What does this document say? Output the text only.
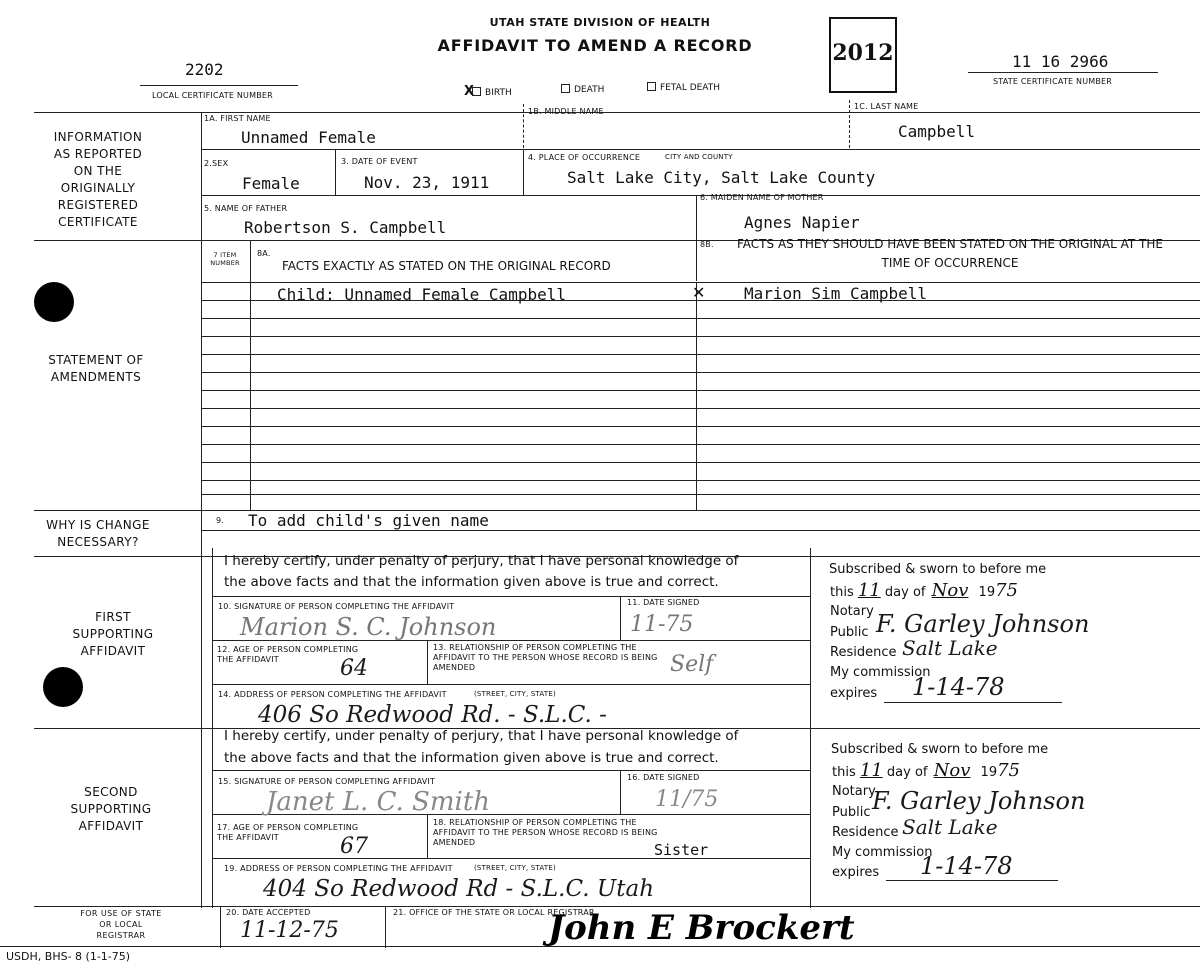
UTAH STATE DIVISION OF HEALTH
AFFIDAVIT TO AMEND A RECORD	2012
2202
LOCAL CERTIFICATE NUMBER
11 16 2966
STATE CERTIFICATE NUMBER
X BIRTH	DEATH	FETAL DEATH
INFORMATION AS REPORTED ON THE ORIGINALLY REGISTERED CERTIFICATE
STATEMENT OF AMENDMENTS
WHY IS CHANGE NECESSARY?
FIRST SUPPORTING AFFIDAVIT
SECOND SUPPORTING AFFIDAVIT
FOR USE OF STATE OR LOCAL REGISTRAR
1A. FIRST NAME
Unnamed Female
1B. MIDDLE NAME
1C. LAST NAME
Campbell
2.SEX
Female
3. DATE OF EVENT
Nov. 23, 1911
4. PLACE OF OCCURRENCE	CITY AND COUNTY
Salt Lake City, Salt Lake County
5. NAME OF FATHER
Robertson S. Campbell
6. MAIDEN NAME OF MOTHER
Agnes Napier
7 ITEM NUMBER
8A.
FACTS EXACTLY AS STATED ON THE ORIGINAL RECORD
8B.	FACTS AS THEY SHOULD HAVE BEEN STATED ON THE ORIGINAL AT THE TIME OF OCCURRENCE
Child: Unnamed Female Campbell	✕ Marion Sim Campbell
9. To add child's given name
I hereby certify, under penalty of perjury, that I have personal knowledge of
the above facts and that the information given above is true and correct.
10. SIGNATURE OF PERSON COMPLETING THE AFFIDAVIT
Marion S. C. Johnson
11. DATE SIGNED
11-75
12. AGE OF PERSON COMPLETING THE AFFIDAVIT	64
13. RELATIONSHIP OF PERSON COMPLETING THE AFFIDAVIT TO THE PERSON WHOSE RECORD IS BEING AMENDED	Self
14. ADDRESS OF PERSON COMPLETING THE AFFIDAVIT	(STREET, CITY, STATE)
406 So Redwood Rd. - S.L.C. -
Subscribed & sworn to before me
this 11 day of Nov 1975
Notary
Public F. Garley Johnson
Residence Salt Lake
My commission
expires 1-14-78
I hereby certify, under penalty of perjury, that I have personal knowledge of
the above facts and that the information given above is true and correct.
15. SIGNATURE OF PERSON COMPLETING AFFIDAVIT
Janet L. C. Smith
16. DATE SIGNED
11/75
17. AGE OF PERSON COMPLETING THE AFFIDAVIT	67
18. RELATIONSHIP OF PERSON COMPLETING THE AFFIDAVIT TO THE PERSON WHOSE RECORD IS BEING AMENDED	Sister
19. ADDRESS OF PERSON COMPLETING THE AFFIDAVIT	(STREET, CITY, STATE)
404 So Redwood Rd - S.L.C. Utah
Subscribed & sworn to before me
this 11 day of Nov 1975
Notary
Public F. Garley Johnson
Residence Salt Lake
My commission
expires 1-14-78
20. DATE ACCEPTED
11-12-75
21. OFFICE OF THE STATE OR LOCAL REGISTRAR
John E Brockert
USDH, BHS- 8 (1-1-75)
